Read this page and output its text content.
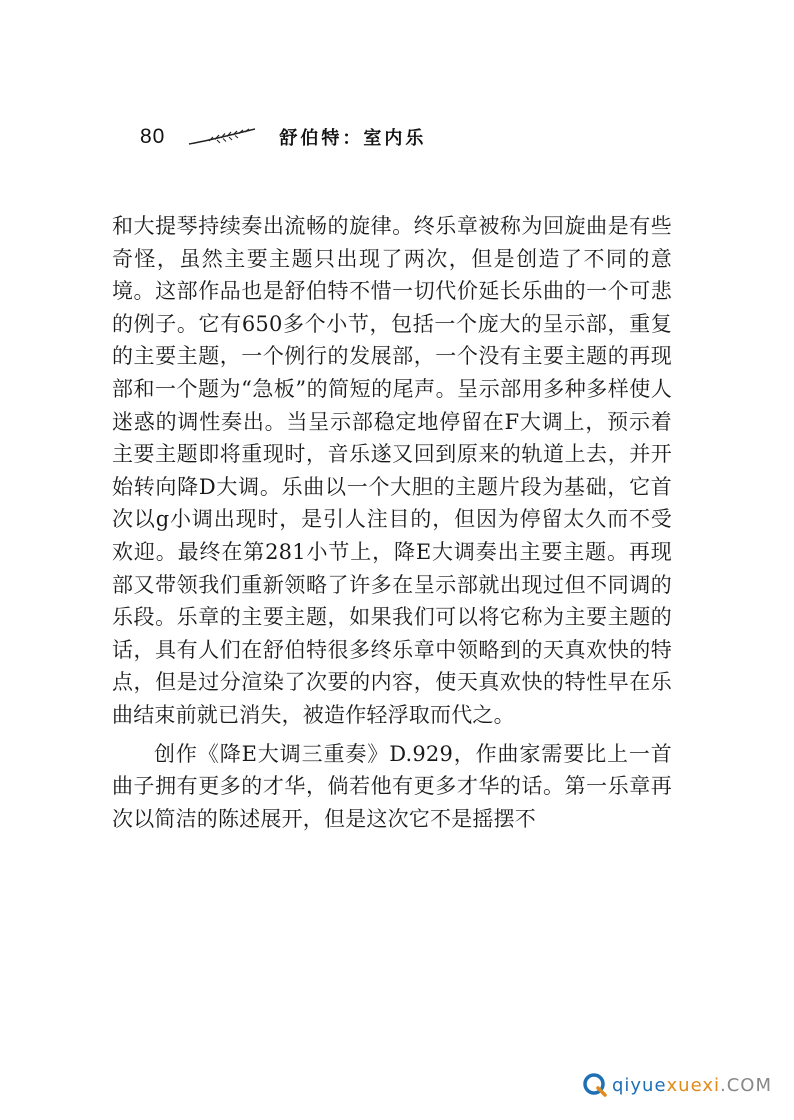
80	舒伯特：室内乐

和大提琴持续奏出流畅的旋律。终乐章被称为回旋曲是有些奇怪，虽然主要主题只出现了两次，但是创造了不同的意境。这部作品也是舒伯特不惜一切代价延长乐曲的一个可悲的例子。它有650多个小节，包括一个庞大的呈示部，重复的主要主题，一个例行的发展部，一个没有主要主题的再现部和一个题为“急板”的简短的尾声。呈示部用多种多样使人迷惑的调性奏出。当呈示部稳定地停留在F大调上，预示着主要主题即将重现时，音乐遂又回到原来的轨道上去，并开始转向降D大调。乐曲以一个大胆的主题片段为基础，它首次以g小调出现时，是引人注目的，但因为停留太久而不受欢迎。最终在第281小节上，降E大调奏出主要主题。再现部又带领我们重新领略了许多在呈示部就出现过但不同调的乐段。乐章的主要主题，如果我们可以将它称为主要主题的话，具有人们在舒伯特很多终乐章中领略到的天真欢快的特点，但是过分渲染了次要的内容，使天真欢快的特性早在乐曲结束前就已消失，被造作轻浮取而代之。

创作《降E大调三重奏》D.929，作曲家需要比上一首曲子拥有更多的才华，倘若他有更多才华的话。第一乐章再次以简洁的陈述展开，但是这次它不是摇摆不

qiyue xuexi .COM
